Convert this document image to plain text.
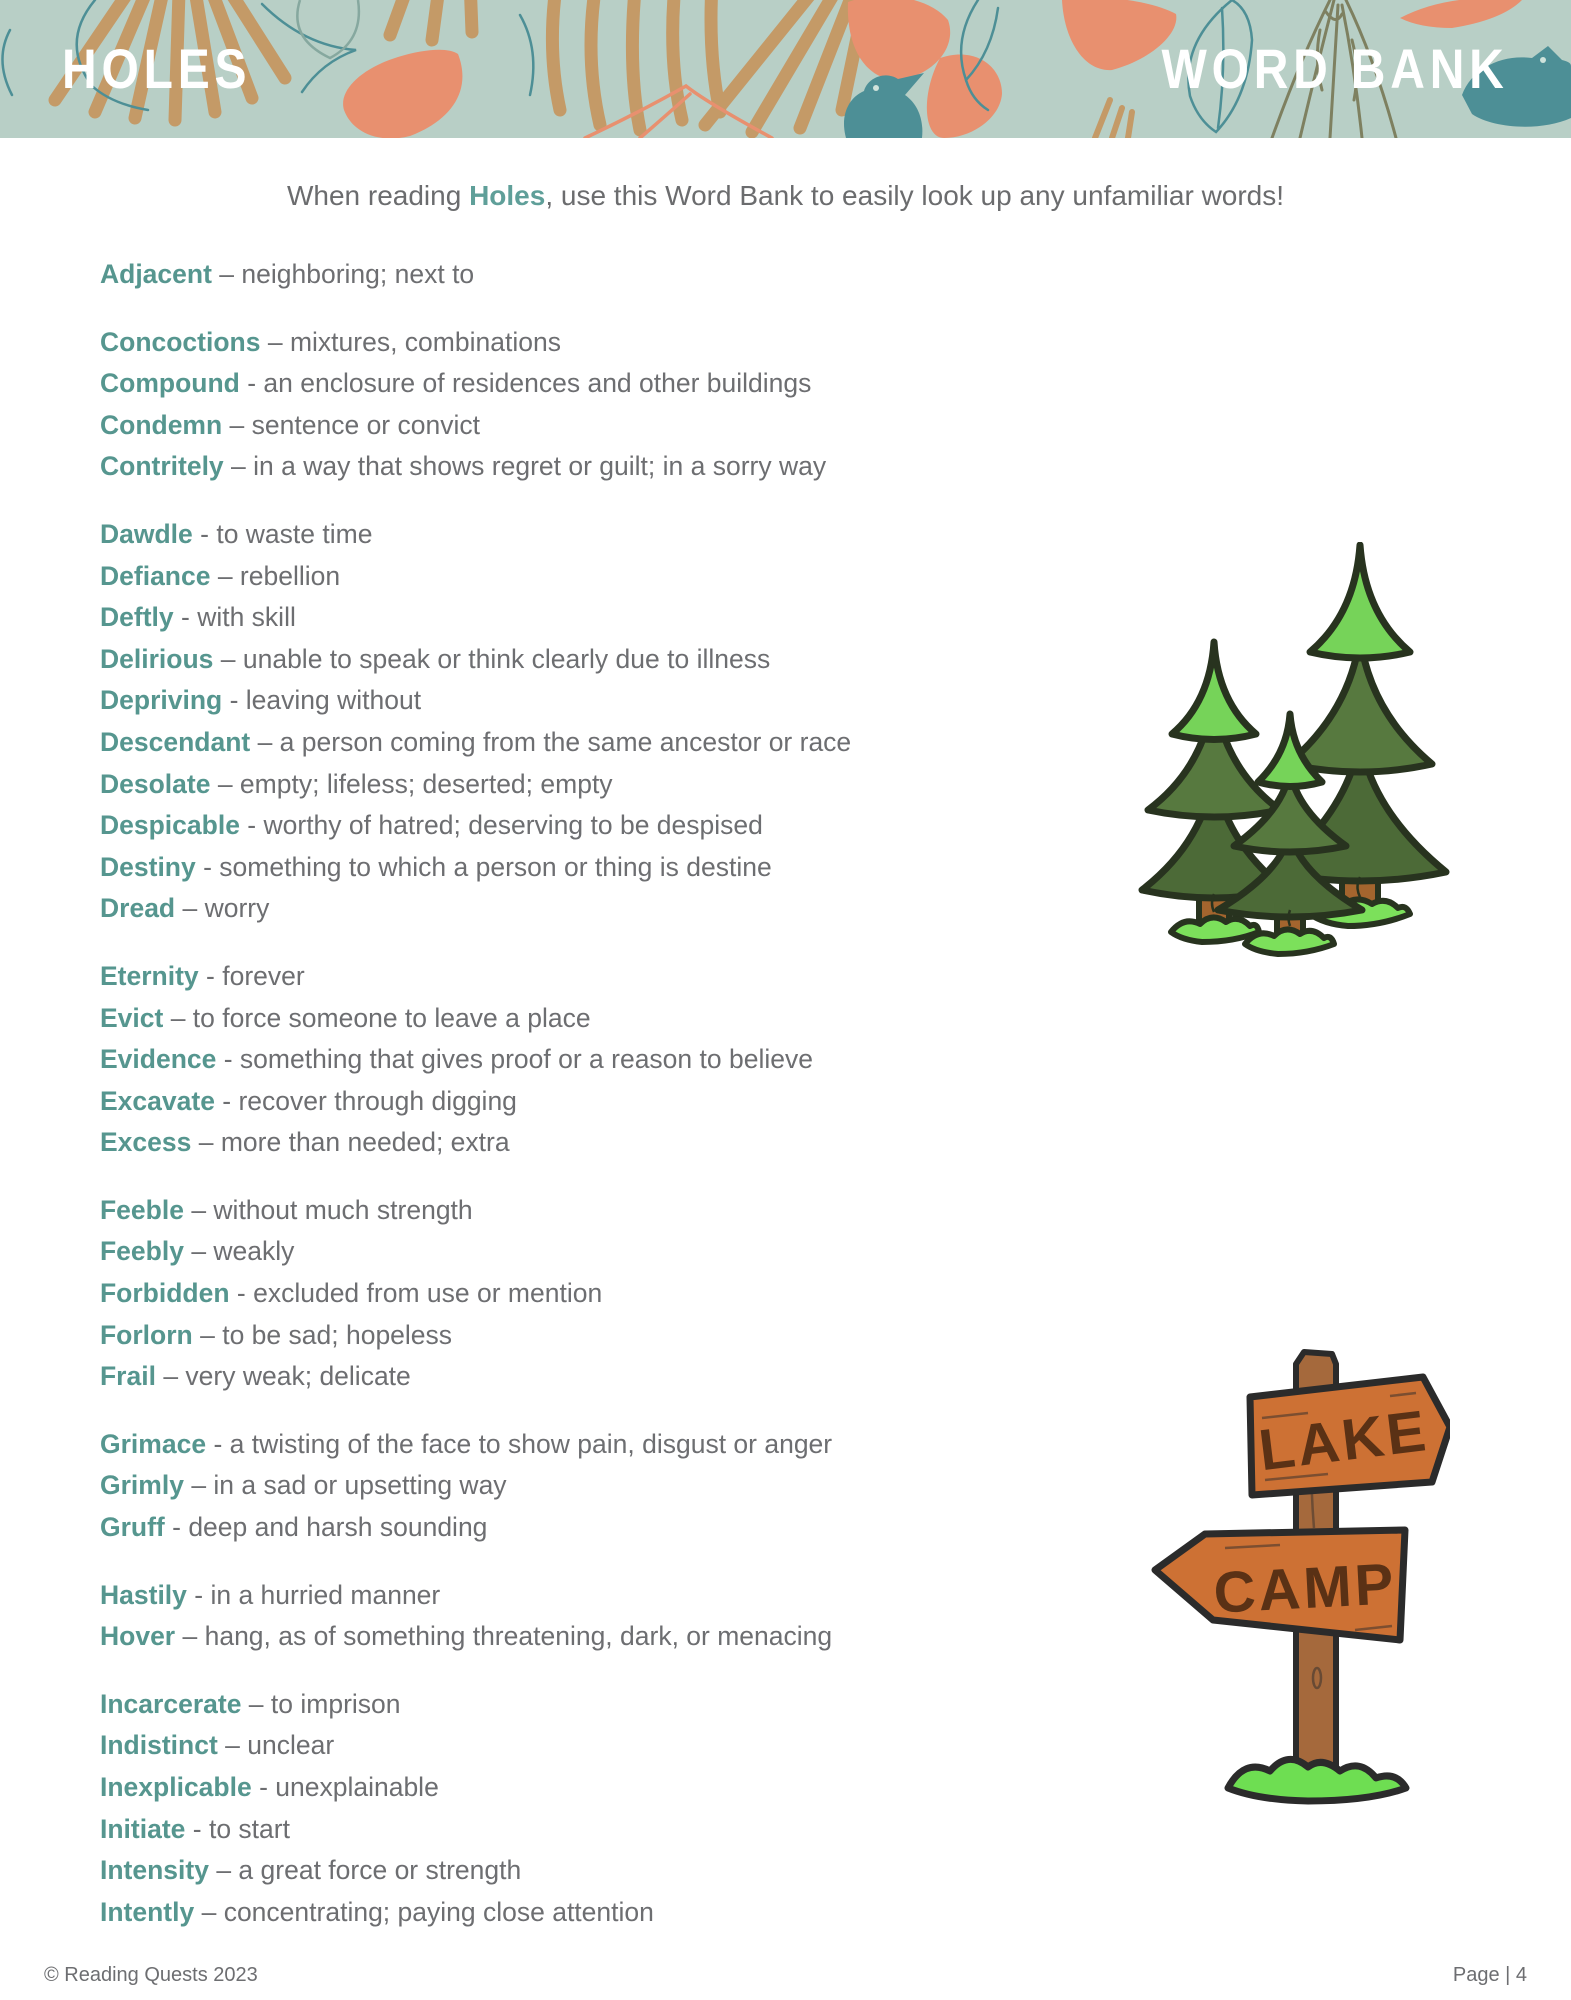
HOLES	WORD BANK

When reading Holes, use this Word Bank to easily look up any unfamiliar words!

Adjacent – neighboring; next to
Concoctions – mixtures, combinations
Compound - an enclosure of residences and other buildings
Condemn – sentence or convict
Contritely – in a way that shows regret or guilt; in a sorry way
Dawdle - to waste time
Defiance – rebellion
Deftly - with skill
Delirious – unable to speak or think clearly due to illness
Depriving - leaving without
Descendant – a person coming from the same ancestor or race
Desolate – empty; lifeless; deserted; empty
Despicable - worthy of hatred; deserving to be despised
Destiny - something to which a person or thing is destine
Dread – worry
Eternity - forever
Evict – to force someone to leave a place
Evidence - something that gives proof or a reason to believe
Excavate - recover through digging
Excess – more than needed; extra
Feeble – without much strength
Feebly – weakly
Forbidden - excluded from use or mention
Forlorn – to be sad; hopeless
Frail – very weak; delicate
Grimace - a twisting of the face to show pain, disgust or anger
Grimly – in a sad or upsetting way
Gruff - deep and harsh sounding
Hastily - in a hurried manner
Hover – hang, as of something threatening, dark, or menacing
Incarcerate – to imprison
Indistinct – unclear
Inexplicable - unexplainable
Initiate - to start
Intensity – a great force or strength
Intently – concentrating; paying close attention
LAKE
CAMP
© Reading Quests 2023	Page | 4
